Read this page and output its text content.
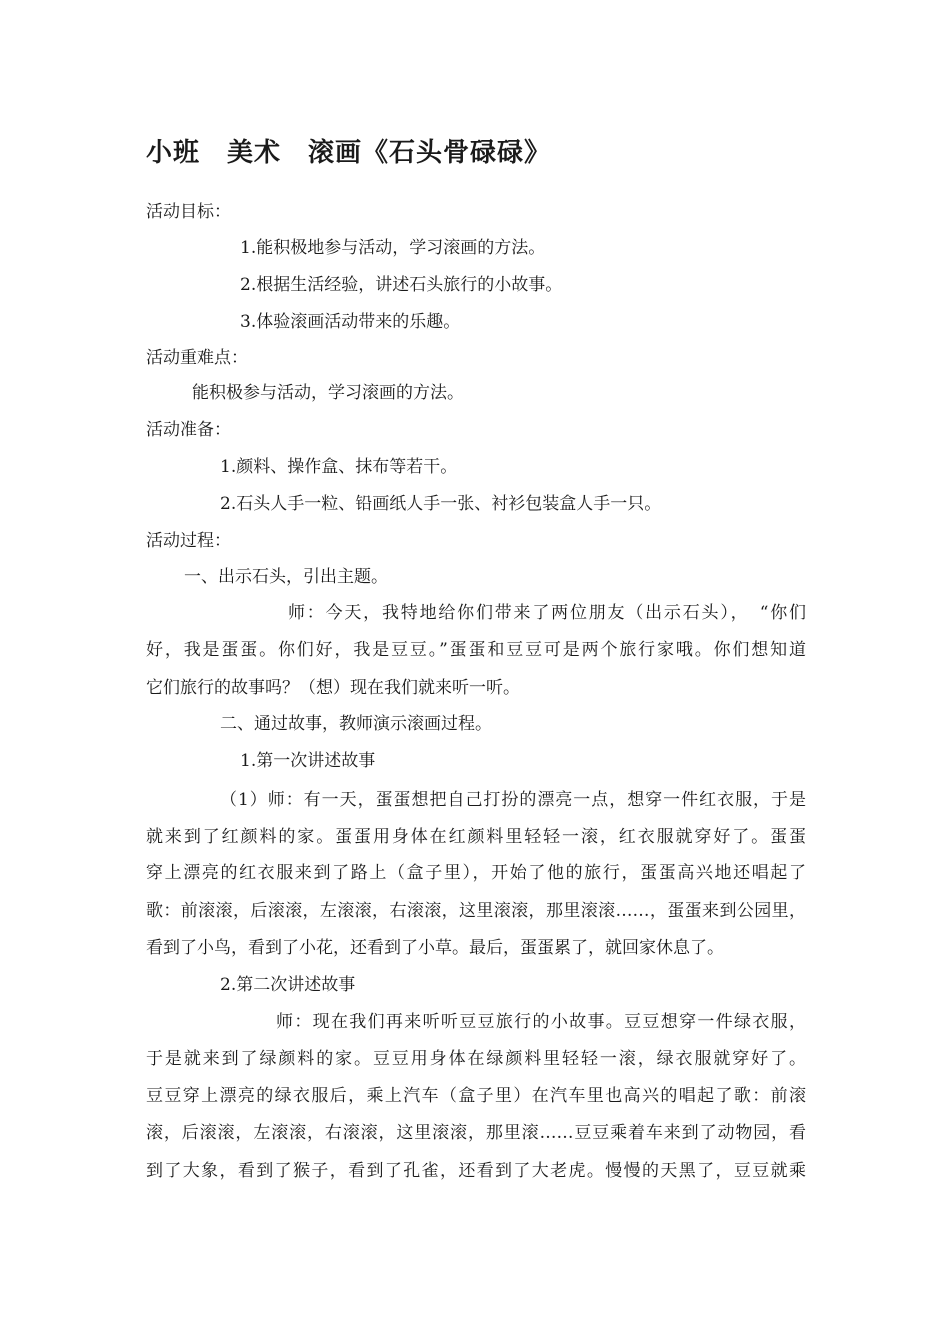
小班　美术　滚画《石头骨碌碌》

活动目标：

1.能积极地参与活动，学习滚画的方法。

2.根据生活经验，讲述石头旅行的小故事。

3.体验滚画活动带来的乐趣。

活动重难点：

能积极参与活动，学习滚画的方法。

活动准备：

1.颜料、操作盒、抹布等若干。

2.石头人手一粒、铅画纸人手一张、衬衫包装盒人手一只。

活动过程：

一、出示石头，引出主题。

师：今天，我特地给你们带来了两位朋友（出示石头），　“你们

好，我是蛋蛋。你们好，我是豆豆。”蛋蛋和豆豆可是两个旅行家哦。你们想知道

它们旅行的故事吗？（想）现在我们就来听一听。

二、通过故事，教师演示滚画过程。

1.第一次讲述故事

（1）师：有一天，蛋蛋想把自己打扮的漂亮一点，想穿一件红衣服，于是

就来到了红颜料的家。蛋蛋用身体在红颜料里轻轻一滚，红衣服就穿好了。蛋蛋

穿上漂亮的红衣服来到了路上（盒子里），开始了他的旅行，蛋蛋高兴地还唱起了

歌：前滚滚，后滚滚，左滚滚，右滚滚，这里滚滚，那里滚滚……，蛋蛋来到公园里，

看到了小鸟，看到了小花，还看到了小草。最后，蛋蛋累了，就回家休息了。

2.第二次讲述故事

师：现在我们再来听听豆豆旅行的小故事。豆豆想穿一件绿衣服，

于是就来到了绿颜料的家。豆豆用身体在绿颜料里轻轻一滚，绿衣服就穿好了。

豆豆穿上漂亮的绿衣服后，乘上汽车（盒子里）在汽车里也高兴的唱起了歌：前滚

滚，后滚滚，左滚滚，右滚滚，这里滚滚，那里滚……豆豆乘着车来到了动物园，看

到了大象，看到了猴子，看到了孔雀，还看到了大老虎。慢慢的天黑了，豆豆就乘
